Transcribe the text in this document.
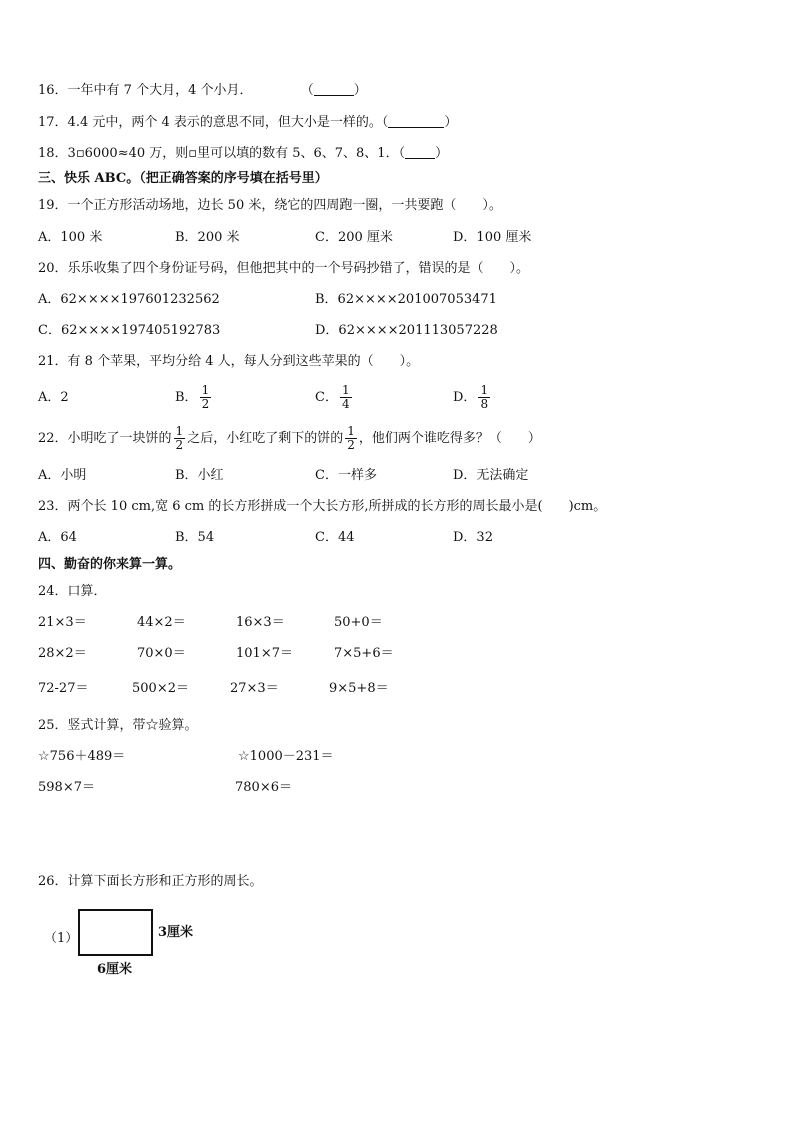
16．一年中有 7 个大月，4 个小月．	（	）
17．4.4 元中，两个 4 表示的意思不同，但大小是一样的。（	）
18．3▫6000≈40 万，则▫里可以填的数有 5、6、7、8、1．（ ）
三、快乐 ABC。（把正确答案的序号填在括号里）
19．一个正方形活动场地，边长 50 米，绕它的四周跑一圈，一共要跑（　　）。
A．100 米	B．200 米	C．200 厘米	D．100 厘米
20．乐乐收集了四个身份证号码，但他把其中的一个号码抄错了，错误的是（　　）。
A．62××××197601232562	B．62××××201007053471
C．62××××197405192783	D．62××××201113057228
21．有 8 个苹果，平均分给 4 人，每人分到这些苹果的（　　）。
A．2	B． $\frac{1}{2}$	C． $\frac{1}{4}$	D． $\frac{1}{8}$
22．小明吃了一块饼的 $\frac{1}{2}$ 之后，小红吃了剩下的饼的 $\frac{1}{2}$ ，他们两个谁吃得多？（　　）
A．小明	B．小红	C．一样多	D．无法确定
23．两个长 10 cm,宽 6 cm 的长方形拼成一个大长方形,所拼成的长方形的周长最小是(　　)cm。
A．64	B．54	C．44	D．32
四、勤奋的你来算一算。
24．口算．
21×3＝	44×2＝	16×3＝	50+0＝
28×2＝	70×0＝	101×7＝	7×5+6＝
72-27＝	500×2＝	27×3＝	9×5+8＝
25．竖式计算，带☆验算。
☆756＋489＝	☆1000－231＝
598×7＝	780×6＝
26．计算下面长方形和正方形的周长。
（1）	3厘米
6厘米
